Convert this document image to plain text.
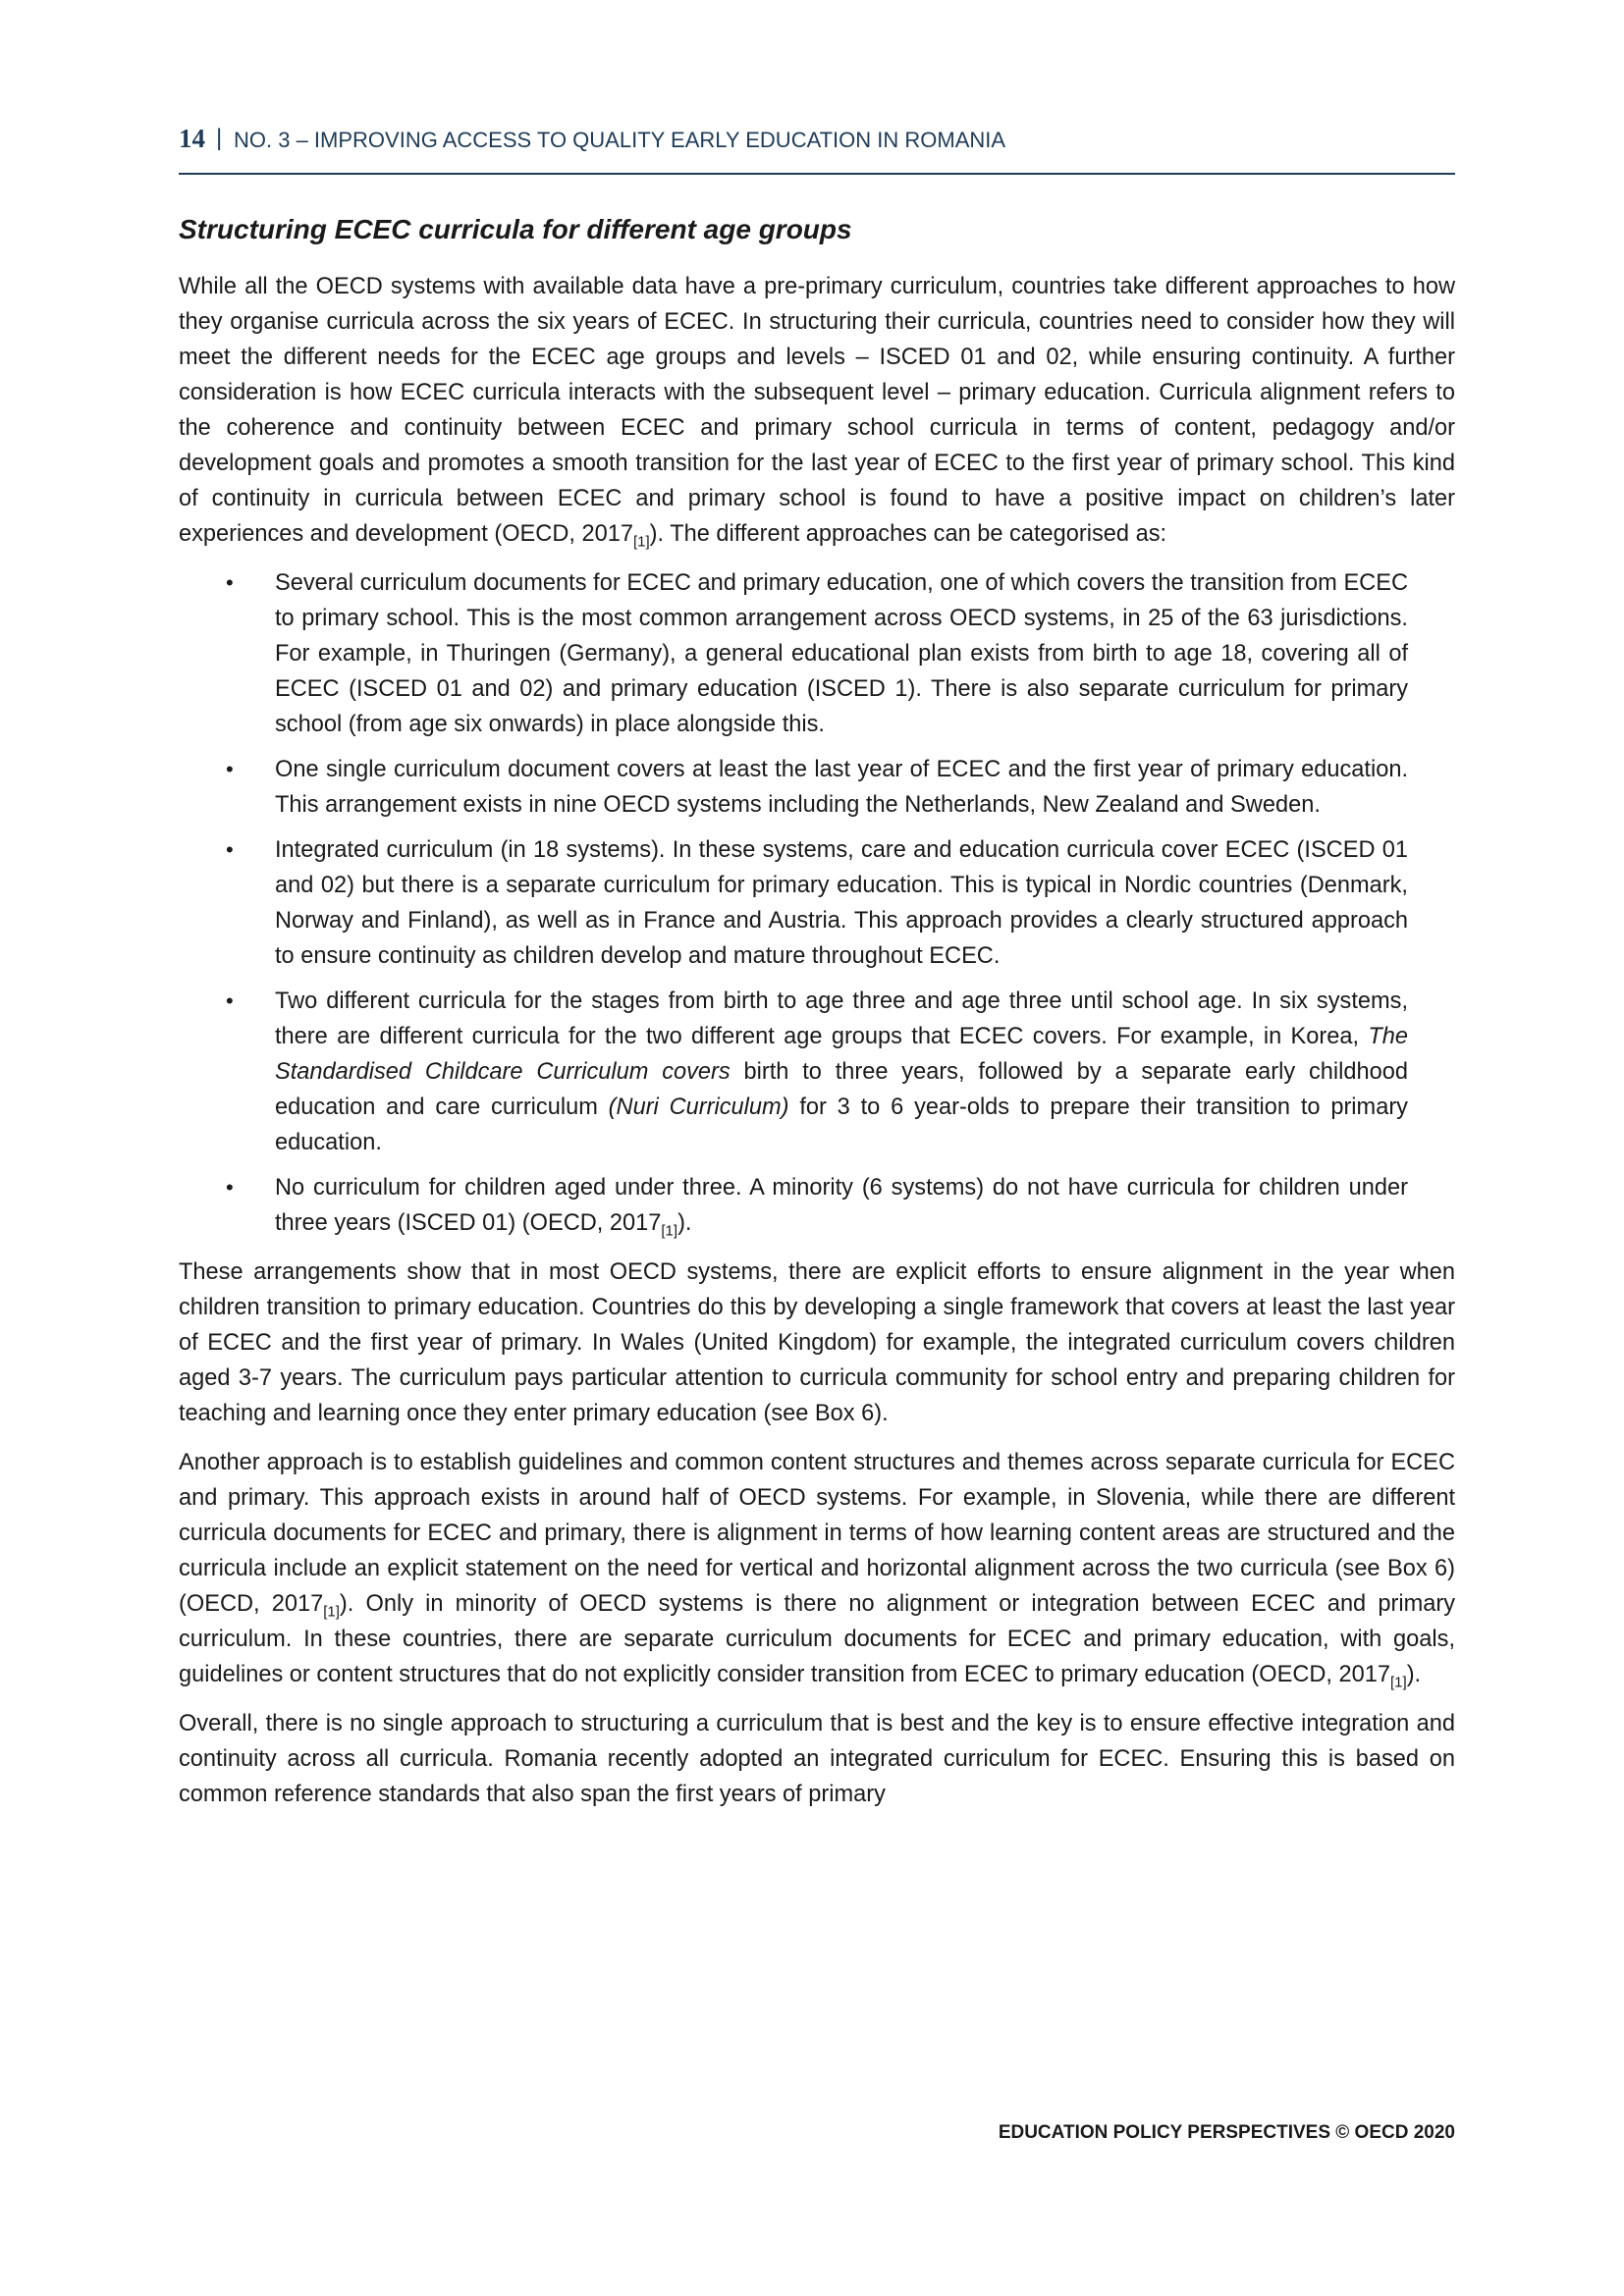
14 | NO. 3 – IMPROVING ACCESS TO QUALITY EARLY EDUCATION IN ROMANIA
Structuring ECEC curricula for different age groups

While all the OECD systems with available data have a pre-primary curriculum, countries take different approaches to how they organise curricula across the six years of ECEC. In structuring their curricula, countries need to consider how they will meet the different needs for the ECEC age groups and levels – ISCED 01 and 02, while ensuring continuity. A further consideration is how ECEC curricula interacts with the subsequent level – primary education. Curricula alignment refers to the coherence and continuity between ECEC and primary school curricula in terms of content, pedagogy and/or development goals and promotes a smooth transition for the last year of ECEC to the first year of primary school. This kind of continuity in curricula between ECEC and primary school is found to have a positive impact on children’s later experiences and development (OECD, $2017_{[1]}$). The different approaches can be categorised as:

• Several curriculum documents for ECEC and primary education, one of which covers the transition from ECEC to primary school. This is the most common arrangement across OECD systems, in 25 of the 63 jurisdictions. For example, in Thuringen (Germany), a general educational plan exists from birth to age 18, covering all of ECEC (ISCED 01 and 02) and primary education (ISCED 1). There is also separate curriculum for primary school (from age six onwards) in place alongside this.
• One single curriculum document covers at least the last year of ECEC and the first year of primary education. This arrangement exists in nine OECD systems including the Netherlands, New Zealand and Sweden.
• Integrated curriculum (in 18 systems). In these systems, care and education curricula cover ECEC (ISCED 01 and 02) but there is a separate curriculum for primary education. This is typical in Nordic countries (Denmark, Norway and Finland), as well as in France and Austria. This approach provides a clearly structured approach to ensure continuity as children develop and mature throughout ECEC.
• Two different curricula for the stages from birth to age three and age three until school age. In six systems, there are different curricula for the two different age groups that ECEC covers. For example, in Korea, The Standardised Childcare Curriculum covers birth to three years, followed by a separate early childhood education and care curriculum (Nuri Curriculum) for 3 to 6 year-olds to prepare their transition to primary education.
• No curriculum for children aged under three. A minority (6 systems) do not have curricula for children under three years (ISCED 01) (OECD, $2017_{[1]}$).

These arrangements show that in most OECD systems, there are explicit efforts to ensure alignment in the year when children transition to primary education. Countries do this by developing a single framework that covers at least the last year of ECEC and the first year of primary. In Wales (United Kingdom) for example, the integrated curriculum covers children aged 3-7 years. The curriculum pays particular attention to curricula community for school entry and preparing children for teaching and learning once they enter primary education (see Box 6).

Another approach is to establish guidelines and common content structures and themes across separate curricula for ECEC and primary. This approach exists in around half of OECD systems. For example, in Slovenia, while there are different curricula documents for ECEC and primary, there is alignment in terms of how learning content areas are structured and the curricula include an explicit statement on the need for vertical and horizontal alignment across the two curricula (see Box 6) (OECD, $2017_{[1]}$). Only in minority of OECD systems is there no alignment or integration between ECEC and primary curriculum. In these countries, there are separate curriculum documents for ECEC and primary education, with goals, guidelines or content structures that do not explicitly consider transition from ECEC to primary education (OECD, $2017_{[1]}$).

Overall, there is no single approach to structuring a curriculum that is best and the key is to ensure effective integration and continuity across all curricula. Romania recently adopted an integrated curriculum for ECEC. Ensuring this is based on common reference standards that also span the first years of primary

EDUCATION POLICY PERSPECTIVES © OECD 2020
